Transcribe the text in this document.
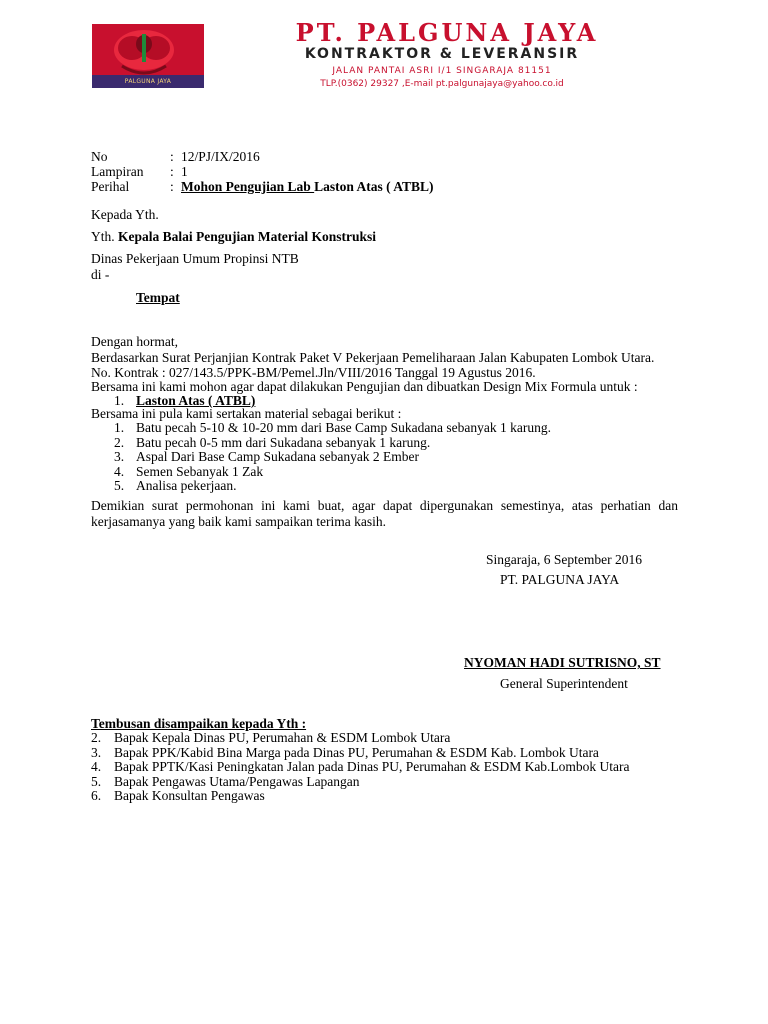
PALGUNA JAYA
PT. PALGUNA JAYA
KONTRAKTOR & LEVERANSIR
JALAN PANTAI ASRI I/1 SINGARAJA 81151
TLP.(0362) 29327 ,E-mail pt.palgunajaya@yahoo.co.id
No	: 12/PJ/IX/2016
Lampiran : 1
Perihal	: Mohon Pengujian Lab Laston Atas ( ATBL)
Kepada Yth.
Yth. Kepala Balai Pengujian Material Konstruksi
Dinas Pekerjaan Umum Propinsi NTB
di -
Tempat
Dengan hormat,
Berdasarkan Surat Perjanjian Kontrak Paket V Pekerjaan Pemeliharaan Jalan Kabupaten Lombok Utara.
No. Kontrak : 027/143.5/PPK-BM/Pemel.Jln/VIII/2016 Tanggal 19 Agustus 2016.
Bersama ini kami mohon agar dapat dilakukan Pengujian dan dibuatkan Design Mix Formula untuk :
1. Laston Atas ( ATBL)
Bersama ini pula kami sertakan material sebagai berikut :
1. Batu pecah 5-10 & 10-20 mm dari Base Camp Sukadana sebanyak 1 karung.
2. Batu pecah 0-5 mm dari Sukadana sebanyak 1 karung.
3. Aspal Dari Base Camp Sukadana sebanyak 2 Ember
4. Semen Sebanyak 1 Zak
5. Analisa pekerjaan.
Demikian surat permohonan ini kami buat, agar dapat dipergunakan semestinya, atas perhatian dan kerjasamanya yang baik kami sampaikan terima kasih.
Singaraja, 6 September 2016
PT. PALGUNA JAYA
NYOMAN HADI SUTRISNO, ST
General Superintendent
Tembusan disampaikan kepada Yth :
2. Bapak Kepala Dinas PU, Perumahan & ESDM Lombok Utara
3. Bapak PPK/Kabid Bina Marga pada Dinas PU, Perumahan & ESDM Kab. Lombok Utara
4. Bapak PPTK/Kasi Peningkatan Jalan pada Dinas PU, Perumahan & ESDM Kab.Lombok Utara
5. Bapak Pengawas Utama/Pengawas Lapangan
6. Bapak Konsultan Pengawas
